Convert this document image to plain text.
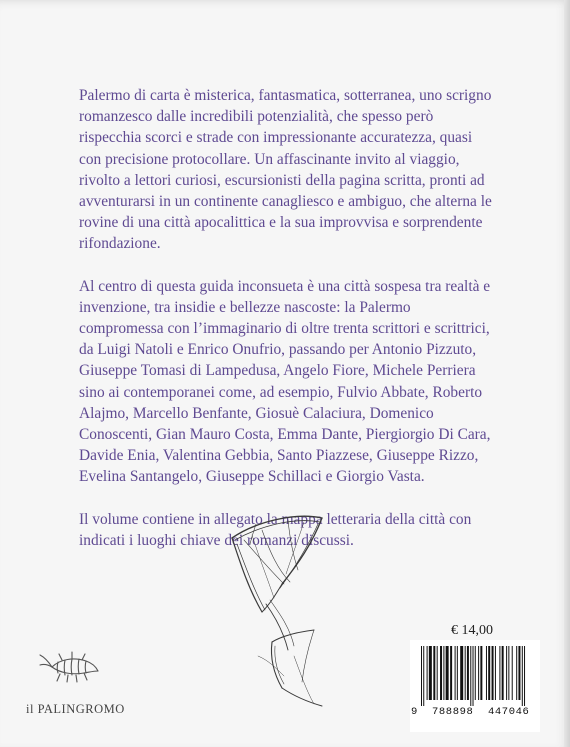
Palermo di carta è misterica, fantasmatica, sotterranea, uno scrigno romanzesco dalle incredibili potenzialità, che spesso però rispecchia scorci e strade con impressionante accuratezza, quasi con precisione protocollare. Un affascinante invito al viaggio, rivolto a lettori curiosi, escursionisti della pagina scritta, pronti ad avventurarsi in un continente canagliesco e ambiguo, che alterna le rovine di una città apocalittica e la sua improvvisa e sorprendente rifondazione.

Al centro di questa guida inconsueta è una città sospesa tra realtà e invenzione, tra insidie e bellezze nascoste: la Palermo compromessa con l’immaginario di oltre trenta scrittori e scrittrici, da Luigi Natoli e Enrico Onufrio, passando per Antonio Pizzuto, Giuseppe Tomasi di Lampedusa, Angelo Fiore, Michele Perriera sino ai contemporanei come, ad esempio, Fulvio Abbate, Roberto Alajmo, Marcello Benfante, Giosuè Calaciura, Domenico Conoscenti, Gian Mauro Costa, Emma Dante, Piergiorgio Di Cara, Davide Enia, Valentina Gebbia, Santo Piazzese, Giuseppe Rizzo, Evelina Santangelo, Giuseppe Schillaci e Giorgio Vasta.

Il volume contiene in allegato la mappa letteraria della città con indicati i luoghi chiave dei romanzi discussi.

€ 14,00
9 788898 447046
il PALINGROMO
